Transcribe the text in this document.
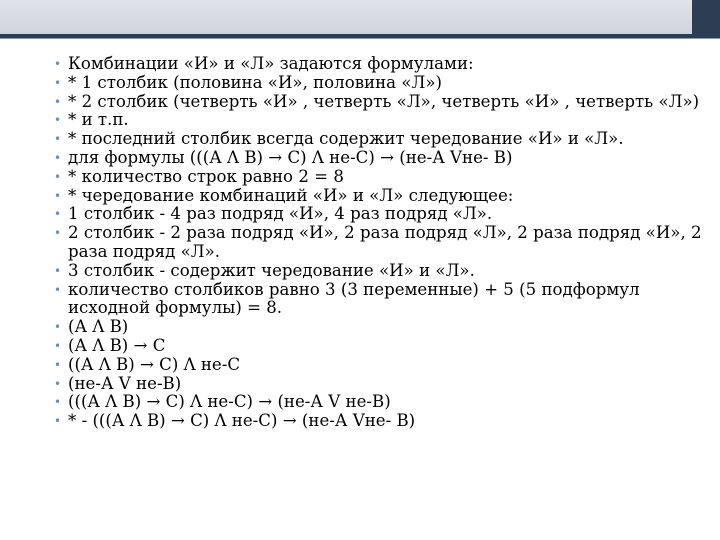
• Комбинации «И» и «Л» задаются формулами:
• * 1 столбик (половина «И», половина «Л»)
• * 2 столбик (четверть «И» , четверть «Л», четверть «И» , четверть «Л»)
• * и т.п.
• * последний столбик всегда содержит чередование «И» и «Л».
• для формулы (((А Λ В) → С) Λ не-С) → (не-А Vне- В)
• * количество строк равно 2 = 8
• * чередование комбинаций «И» и «Л» следующее:
• 1 столбик - 4 раз подряд «И», 4 раз подряд «Л».
• 2 столбик - 2 раза подряд «И», 2 раза подряд «Л», 2 раза подряд «И», 2 раза подряд «Л».
• 3 столбик - содержит чередование «И» и «Л».
• количество столбиков равно 3 (3 переменные) + 5 (5 подформул исходной формулы) = 8.
• (А Λ В)
• (А Λ В) → С
• ((А Λ В) → С) Λ не-С
• (не-А V не-В)
• (((А Λ В) → С) Λ не-С) → (не-А V не-В)
• * - (((А Λ В) → С) Λ не-С) → (не-А Vне- В)
